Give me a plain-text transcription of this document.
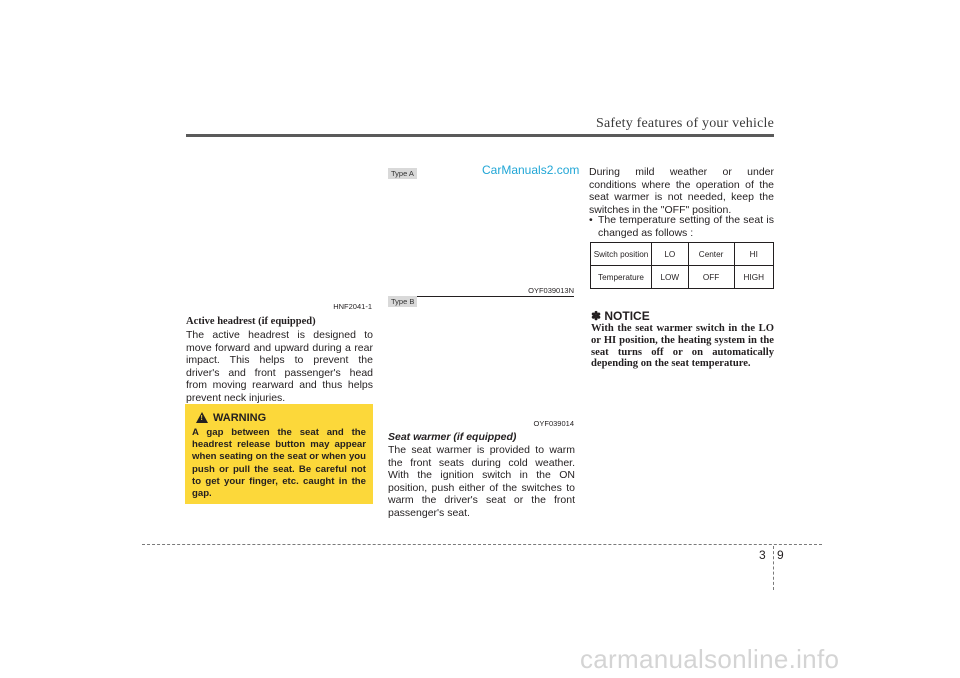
Safety features of your vehicle
HNF2041-1
Active headrest (if equipped)
The active headrest is designed to move forward and upward during a rear impact. This helps to prevent the driver's and front passenger's head from moving rearward and thus helps prevent neck injuries.
! WARNING
A gap between the seat and the headrest release button may appear when seating on the seat or when you push or pull the seat. Be careful not to get your finger, etc. caught in the gap.
Type A	CarManuals2.com
OYF039013N
Type B
OYF039014
Seat warmer (if equipped)
The seat warmer is provided to warm the front seats during cold weather. With the ignition switch in the ON position, push either of the switches to warm the driver's seat or the front passenger's seat.
During mild weather or under conditions where the operation of the seat warmer is not needed, keep the switches in the "OFF" position.
• The temperature setting of the seat is changed as follows :
Switch position	LO	Center	HI
Temperature	LOW	OFF	HIGH
✽ NOTICE
With the seat warmer switch in the LO or HI position, the heating system in the seat turns off or on automatically depending on the seat temperature.
3 9
carmanualsonline.info
